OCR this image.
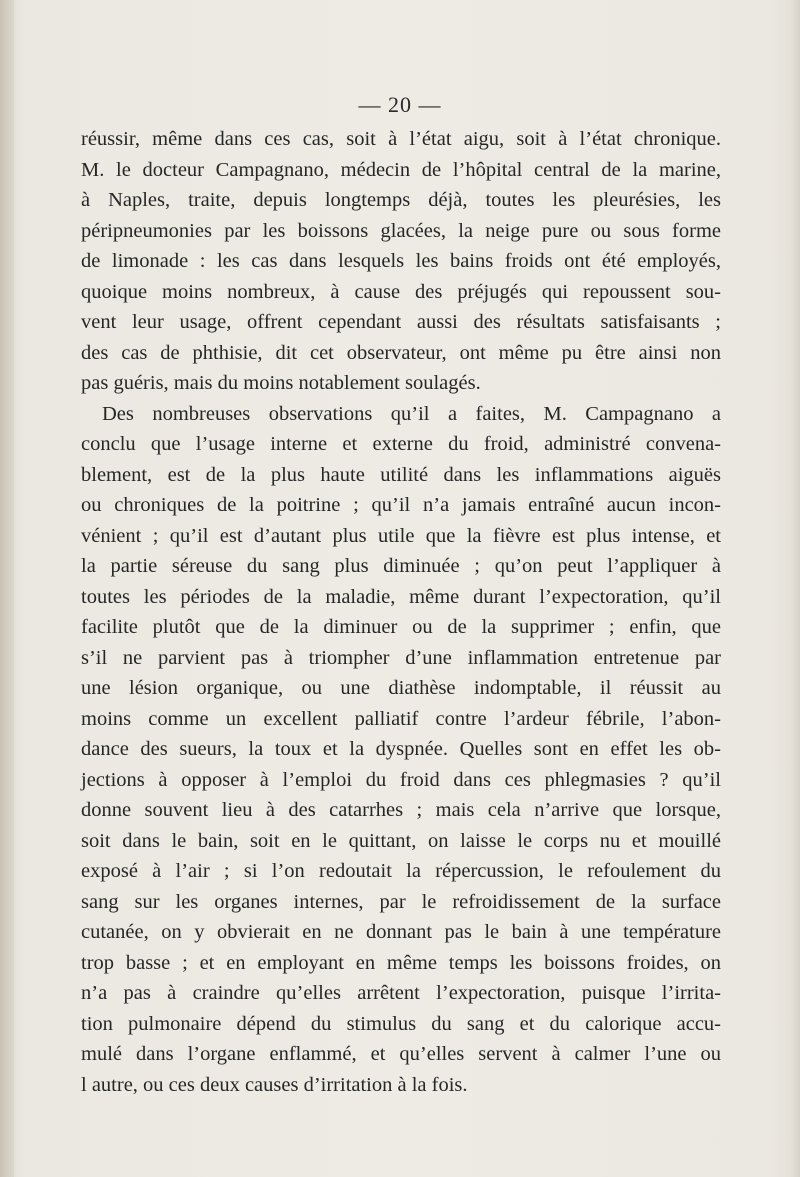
— 20 —
réussir, même dans ces cas, soit à l’état aigu, soit à l’état chronique.
M. le docteur Campagnano, médecin de l’hôpital central de la marine,
à Naples, traite, depuis longtemps déjà, toutes les pleurésies, les
péripneumonies par les boissons glacées, la neige pure ou sous forme
de limonade : les cas dans lesquels les bains froids ont été employés,
quoique moins nombreux, à cause des préjugés qui repoussent sou-
vent leur usage, offrent cependant aussi des résultats satisfaisants ;
des cas de phthisie, dit cet observateur, ont même pu être ainsi non
pas guéris, mais du moins notablement soulagés.
Des nombreuses observations qu’il a faites, M. Campagnano a
conclu que l’usage interne et externe du froid, administré convena-
blement, est de la plus haute utilité dans les inflammations aiguës
ou chroniques de la poitrine ; qu’il n’a jamais entraîné aucun incon-
vénient ; qu’il est d’autant plus utile que la fièvre est plus intense, et
la partie séreuse du sang plus diminuée ; qu’on peut l’appliquer à
toutes les périodes de la maladie, même durant l’expectoration, qu’il
facilite plutôt que de la diminuer ou de la supprimer ; enfin, que
s’il ne parvient pas à triompher d’une inflammation entretenue par
une lésion organique, ou une diathèse indomptable, il réussit au
moins comme un excellent palliatif contre l’ardeur fébrile, l’abon-
dance des sueurs, la toux et la dyspnée. Quelles sont en effet les ob-
jections à opposer à l’emploi du froid dans ces phlegmasies ? qu’il
donne souvent lieu à des catarrhes ; mais cela n’arrive que lorsque,
soit dans le bain, soit en le quittant, on laisse le corps nu et mouillé
exposé à l’air ; si l’on redoutait la répercussion, le refoulement du
sang sur les organes internes, par le refroidissement de la surface
cutanée, on y obvierait en ne donnant pas le bain à une température
trop basse ; et en employant en même temps les boissons froides, on
n’a pas à craindre qu’elles arrêtent l’expectoration, puisque l’irrita-
tion pulmonaire dépend du stimulus du sang et du calorique accu-
mulé dans l’organe enflammé, et qu’elles servent à calmer l’une ou
l autre, ou ces deux causes d’irritation à la fois.
